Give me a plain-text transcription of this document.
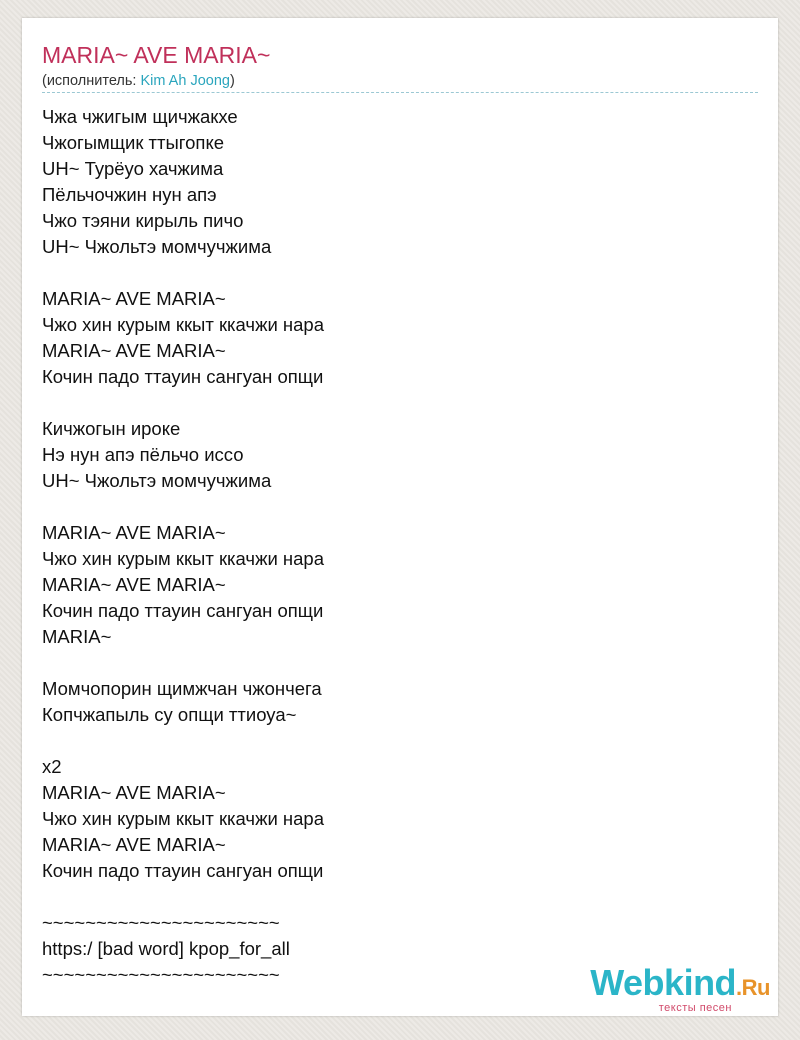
MARIA~ AVE MARIA~
(исполнитель: Kim Ah Joong)
Чжа чжигым щичжакхе
Чжогымщик ттыгопке
UH~ Турёуо хачжима
Пёльчочжин нун апэ
Чжо тэяни кирыль пичо
UH~ Чжольтэ момчучжима
MARIA~ AVE MARIA~
Чжо хин курым ккыт ккачжи нара
MARIA~ AVE MARIA~
Кочин падо ттауин сангуан опщи
Кичжогын ироке
Нэ нун апэ пёльчо иссо
UH~ Чжольтэ момчучжима
MARIA~ AVE MARIA~
Чжо хин курым ккыт ккачжи нара
MARIA~ AVE MARIA~
Кочин падо ттауин сангуан опщи
MARIA~
Момчопорин щимжчан чжончега
Копчжапыль су опщи ттиоуа~
x2
MARIA~ AVE MARIA~
Чжо хин курым ккыт ккачжи нара
MARIA~ AVE MARIA~
Кочин падо ттауин сангуан опщи
~~~~~~~~~~~~~~~~~~~~~~
https:/ [bad word] kpop_for_all
~~~~~~~~~~~~~~~~~~~~~~	Webkind.Ru
тексты песен
